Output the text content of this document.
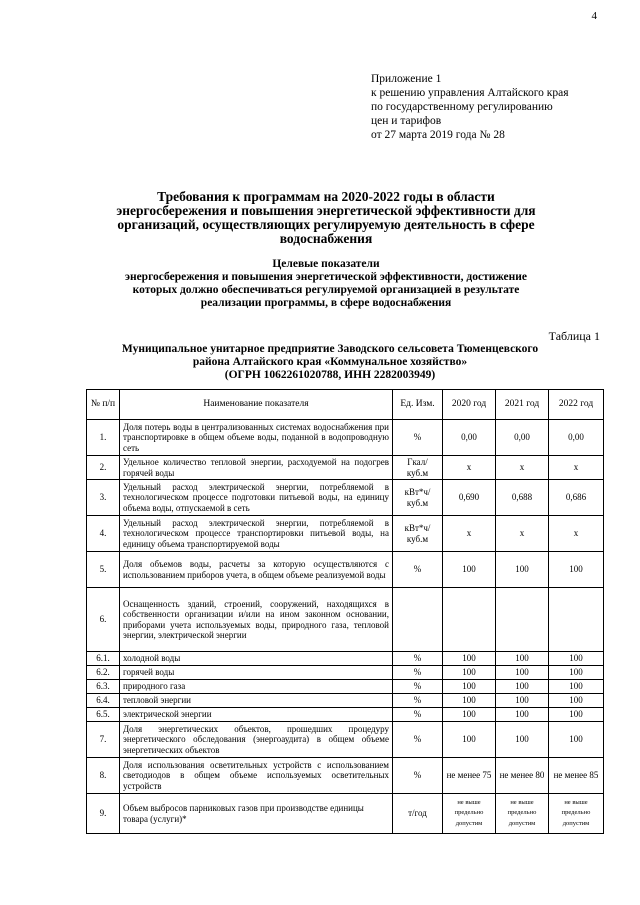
4
Приложение 1
к решению управления Алтайского края
по государственному регулированию
цен и тарифов
от 27 марта 2019 года № 28
Требования к программам на 2020-2022 годы в области
энергосбережения и повышения энергетической эффективности для
организаций, осуществляющих регулируемую деятельность в сфере
водоснабжения
Целевые показатели
энергосбережения и повышения энергетической эффективности, достижение
которых должно обеспечиваться регулируемой организацией в результате
реализации программы, в сфере водоснабжения
Таблица 1
Муниципальное унитарное предприятие Заводского сельсовета Тюменцевского
района Алтайского края «Коммунальное хозяйство»
(ОГРН 1062261020788, ИНН 2282003949)
№ п/п	Наименование показателя	Ед. Изм.	2020 год	2021 год	2022 год
1.	Доля потерь воды в централизованных системах водоснабжения при транспортировке в общем объеме воды, поданной в водопроводную сеть	%	0,00	0,00	0,00
2.	Удельное количество тепловой энергии, расходуемой на подогрев горячей воды	Гкал/ куб.м	x	x	x
3.	Удельный расход электрической энергии, потребляемой в технологическом процессе подготовки питьевой воды, на единицу объема воды, отпускаемой в сеть	кВт*ч/ куб.м	0,690	0,688	0,686
4.	Удельный расход электрической энергии, потребляемой в технологическом процессе транспортировки питьевой воды, на единицу объема транспортируемой воды	кВт*ч/ куб.м	x	x	x
5.	Доля объемов воды, расчеты за которую осуществляются с использованием приборов учета, в общем объеме реализуемой воды	%	100	100	100
6.	Оснащенность зданий, строений, сооружений, находящихся в собственности организации и/или на ином законном основании, приборами учета используемых воды, природного газа, тепловой энергии, электрической энергии				
6.1.	холодной воды	%	100	100	100
6.2.	горячей воды	%	100	100	100
6.3.	природного газа	%	100	100	100
6.4.	тепловой энергии	%	100	100	100
6.5.	электрической энергии	%	100	100	100
7.	Доля энергетических объектов, прошедших процедуру энергетического обследования (энергоаудита) в общем объеме энергетических объектов	%	100	100	100
8.	Доля использования осветительных устройств с использованием светодиодов в общем объеме используемых осветительных устройств	%	не менее 75	не менее 80	не менее 85
9.	Объем выбросов парниковых газов при производстве единицы товара (услуги)*	т/год	не выше предельно допустим	не выше предельно допустим	не выше предельно допустим
